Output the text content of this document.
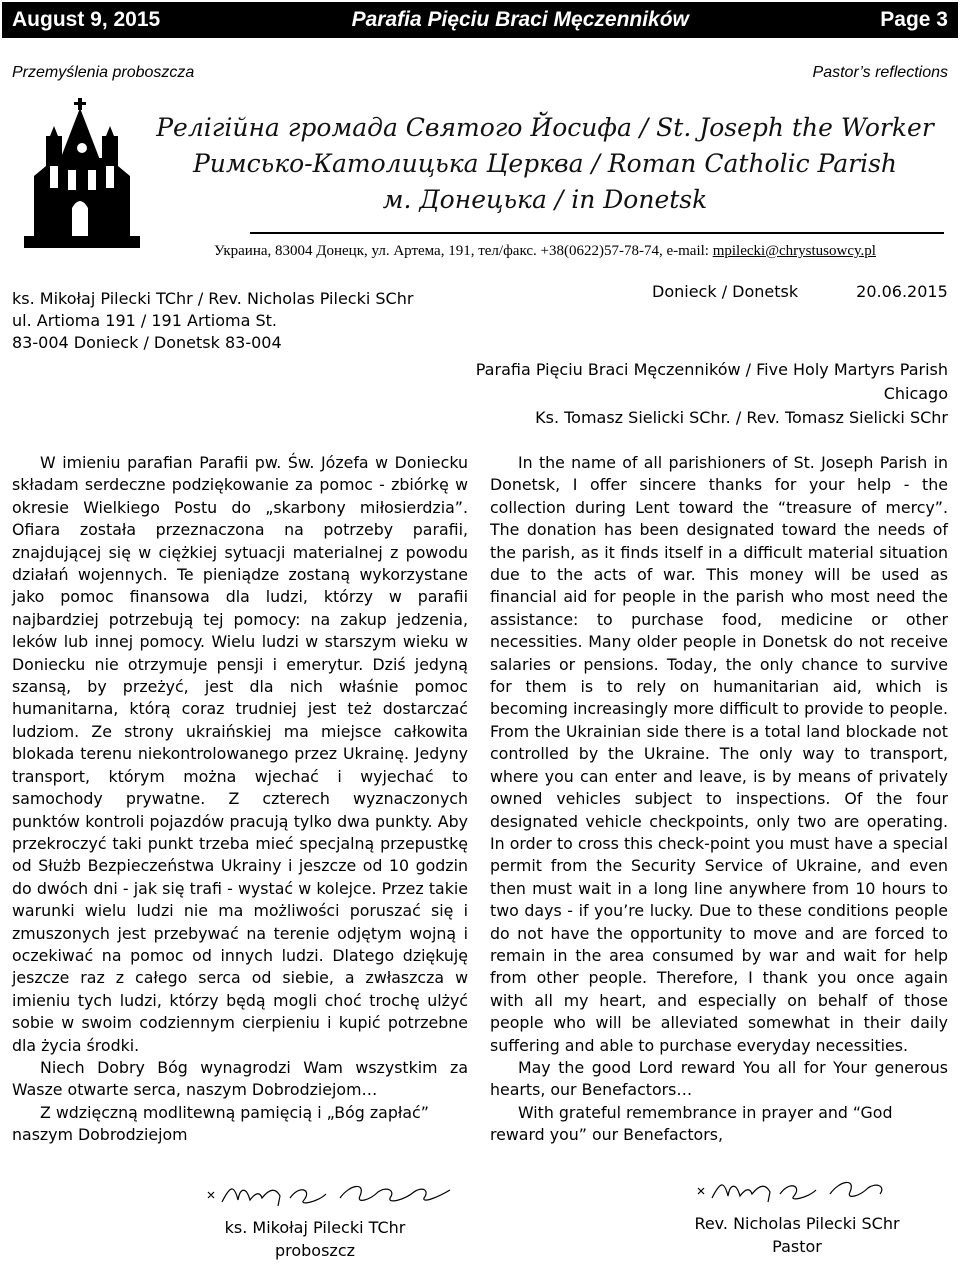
August 9, 2015	Parafia Pięciu Braci Męczenników	Page 3
Przemyślenia proboszcza	Pastor’s reflections
Релігійна громада Святого Йосифа / St. Joseph the Worker
Римсько-Католицька Церква / Roman Catholic Parish
м. Донецька / in Donetsk
Украина, 83004 Донецк, ул. Артема, 191, тел/факс. +38(0622)57-78-74, e-mail: mpilecki@chrystusowcy.pl
ks. Mikołaj Pilecki TChr / Rev. Nicholas Pilecki SChr
ul. Artioma 191 / 191 Artioma St.
83-004 Donieck / Donetsk 83-004
Donieck / Donetsk	20.06.2015
Parafia Pięciu Braci Męczenników / Five Holy Martyrs Parish
Chicago
Ks. Tomasz Sielicki SChr. / Rev. Tomasz Sielicki SChr

W imieniu parafian Parafii pw. Św. Józefa w Doniecku składam serdeczne podziękowanie za pomoc - zbiórkę w okresie Wielkiego Postu do „skarbony miłosierdzia”. Ofiara została przeznaczona na potrzeby parafii, znajdującej się w ciężkiej sytuacji materialnej z powodu działań wojennych. Te pieniądze zostaną wykorzystane jako pomoc finansowa dla ludzi, którzy w parafii najbardziej potrzebują tej pomocy: na zakup jedzenia, leków lub innej pomocy. Wielu ludzi w starszym wieku w Doniecku nie otrzymuje pensji i emerytur. Dziś jedyną szansą, by przeżyć, jest dla nich właśnie pomoc humanitarna, którą coraz trudniej jest też dostarczać ludziom. Ze strony ukraińskiej ma miejsce całkowita blokada terenu niekontrolowanego przez Ukrainę. Jedyny transport, którym można wjechać i wyjechać to samochody prywatne. Z czterech wyznaczonych punktów kontroli pojazdów pracują tylko dwa punkty. Aby przekroczyć taki punkt trzeba mieć specjalną przepustkę od Służb Bezpieczeństwa Ukrainy i jeszcze od 10 godzin do dwóch dni - jak się trafi - wystać w kolejce. Przez takie warunki wielu ludzi nie ma możliwości poruszać się i zmuszonych jest przebywać na terenie odjętym wojną i oczekiwać na pomoc od innych ludzi. Dlatego dziękuję jeszcze raz z całego serca od siebie, a zwłaszcza w imieniu tych ludzi, którzy będą mogli choć trochę ulżyć sobie w swoim codziennym cierpieniu i kupić potrzebne dla życia środki.

Niech Dobry Bóg wynagrodzi Wam wszystkim za Wasze otwarte serca, naszym Dobrodziejom…

Z wdzięczną modlitewną pamięcią i „Bóg zapłać” naszym Dobrodziejom

In the name of all parishioners of St. Joseph Parish in Donetsk, I offer sincere thanks for your help - the collection during Lent toward the “treasure of mercy”. The donation has been designated toward the needs of the parish, as it finds itself in a difficult material situation due to the acts of war. This money will be used as financial aid for people in the parish who most need the assistance: to purchase food, medicine or other necessities. Many older people in Donetsk do not receive salaries or pensions. Today, the only chance to survive for them is to rely on humanitarian aid, which is becoming increasingly more difficult to provide to people. From the Ukrainian side there is a total land blockade not controlled by the Ukraine. The only way to transport, where you can enter and leave, is by means of privately owned vehicles subject to inspections. Of the four designated vehicle checkpoints, only two are operating. In order to cross this check-point you must have a special permit from the Security Service of Ukraine, and even then must wait in a long line anywhere from 10 hours to two days - if you’re lucky. Due to these conditions people do not have the opportunity to move and are forced to remain in the area consumed by war and wait for help from other people. Therefore, I thank you once again with all my heart, and especially on behalf of those people who will be alleviated somewhat in their daily suffering and able to purchase everyday necessities.

May the good Lord reward You all for Your generous hearts, our Benefactors…

With grateful remembrance in prayer and “God reward you” our Benefactors,

ks. Mikołaj Pilecki TChr
proboszcz
Rev. Nicholas Pilecki SChr
Pastor
